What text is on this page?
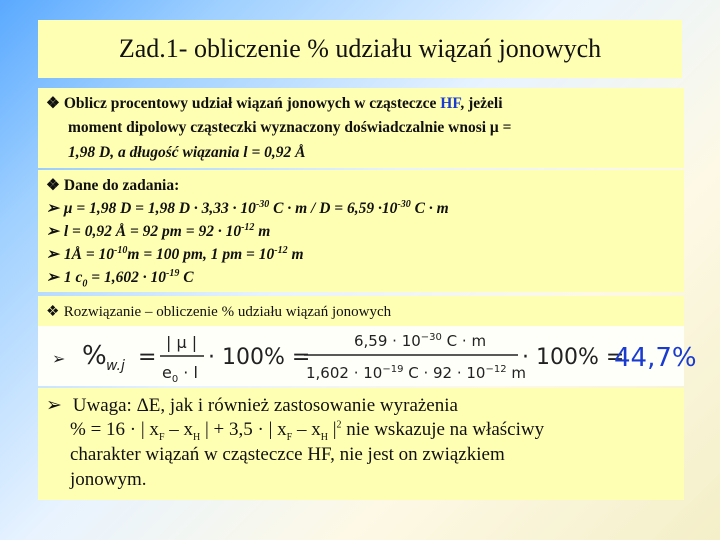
Zad.1- obliczenie % udziału wiązań jonowych
❖ Oblicz procentowy udział wiązań jonowych w cząsteczce HF, jeżeli
moment dipolowy cząsteczki wyznaczony doświadczalnie wnosi μ =
1,98 D, a długość wiązania l = 0,92 Å
❖ Dane do zadania:
➢ μ = 1,98 D = 1,98 $D \cdot 3,33 \cdot 10^{-30}$ $C \cdot m / D = 6,59 \cdot 10^{-30}$ C · m
➢ l = 0,92 Å = 92 pm = $92 \cdot 10^{-12}$ m
➢ 1Å = $10^{-10}m = 100$ pm, 1 pm = $10^{-12}$ m
➢ 1 $c_0 = 1,602 \cdot 10^{-19}$ C
❖ Rozwiązanie – obliczenie % udziału wiązań jonowych
➢ % w.j =
| μ |
$e_0 \cdot l$
· 100% =
$6,59 \cdot 10^{-30}$ C · m
$1,602 \cdot 10^{-19}$ $C \cdot 92 \cdot 10^{-12}$ m
· 100% =
44,7%
➢ Uwaga: ΔE, jak i również zastosowanie wyrażenia
% = 16 · | $x_F - x_H$ | + 3,5 · | $x_F - x_H$ $|^2$ nie wskazuje na właściwy
charakter wiązań w cząsteczce HF, nie jest on związkiem
jonowym.
